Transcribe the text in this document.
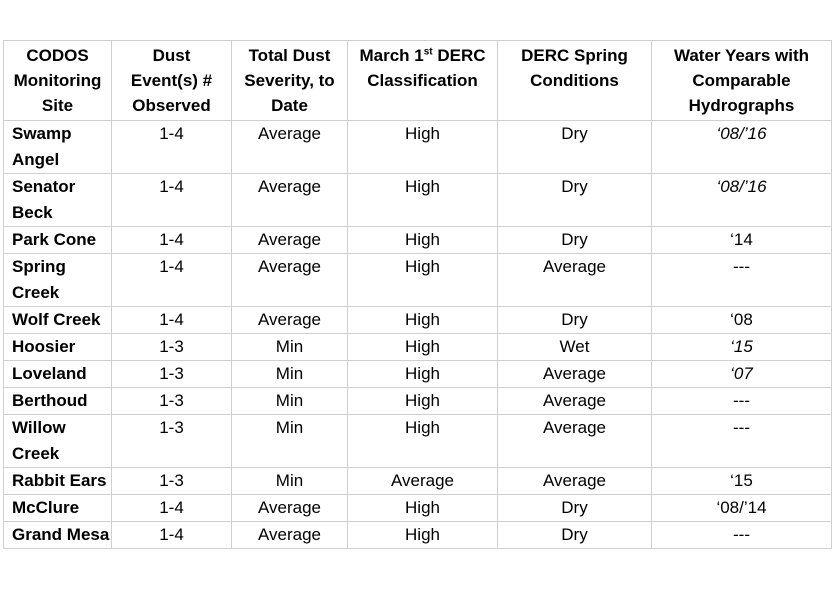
CODOS
Monitoring
Site	Dust
Event(s) #
Observed	Total Dust
Severity, to
Date	March 1st DERC
Classification	DERC Spring
Conditions	Water Years with
Comparable
Hydrographs

Swamp Angel	1-4	Average	High	Dry	‘08/’16
Senator Beck	1-4	Average	High	Dry	‘08/’16
Park Cone	1-4	Average	High	Dry	‘14
Spring Creek	1-4	Average	High	Average	---
Wolf Creek	1-4	Average	High	Dry	‘08
Hoosier	1-3	Min	High	Wet	‘15
Loveland	1-3	Min	High	Average	‘07
Berthoud	1-3	Min	High	Average	---
Willow Creek	1-3	Min	High	Average	---
Rabbit Ears	1-3	Min	Average	Average	‘15
McClure	1-4	Average	High	Dry	‘08/’14
Grand Mesa	1-4	Average	High	Dry	---
